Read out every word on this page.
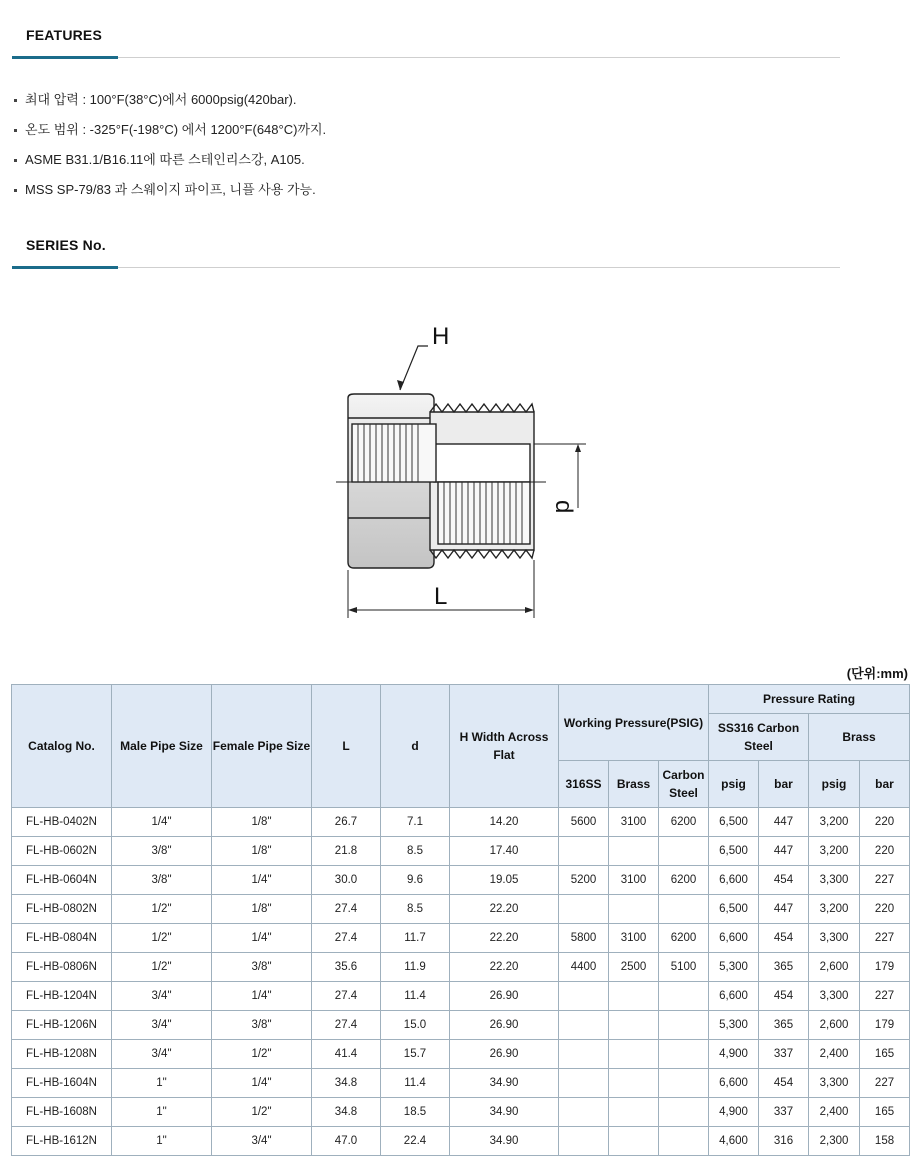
FEATURES
최대 압력 : 100°F(38°C)에서 6000psig(420bar).
온도 범위 : -325°F(-198°C) 에서 1200°F(648°C)까지.
ASME B31.1/B16.11에 따른 스테인리스강, A105.
MSS SP-79/83 과 스웨이지 파이프, 니플 사용 가능.
SERIES No.
H
d
L
(단위:mm)
Catalog No.	Male Pipe Size	Female Pipe Size	L	d	H Width Across Flat	Working Pressure(PSIG)			Pressure Rating			
									SS316 Carbon Steel		Brass	
						316SS	Brass	Carbon Steel	psig	bar	psig	bar
FL-HB-0402N	1/4"	1/8"	26.7	7.1	14.20	5600	3100	6200	6,500	447	3,200	220
FL-HB-0602N	3/8"	1/8"	21.8	8.5	17.40				6,500	447	3,200	220
FL-HB-0604N	3/8"	1/4"	30.0	9.6	19.05	5200	3100	6200	6,600	454	3,300	227
FL-HB-0802N	1/2"	1/8"	27.4	8.5	22.20				6,500	447	3,200	220
FL-HB-0804N	1/2"	1/4"	27.4	11.7	22.20	5800	3100	6200	6,600	454	3,300	227
FL-HB-0806N	1/2"	3/8"	35.6	11.9	22.20	4400	2500	5100	5,300	365	2,600	179
FL-HB-1204N	3/4"	1/4"	27.4	11.4	26.90				6,600	454	3,300	227
FL-HB-1206N	3/4"	3/8"	27.4	15.0	26.90				5,300	365	2,600	179
FL-HB-1208N	3/4"	1/2"	41.4	15.7	26.90				4,900	337	2,400	165
FL-HB-1604N	1"	1/4"	34.8	11.4	34.90				6,600	454	3,300	227
FL-HB-1608N	1"	1/2"	34.8	18.5	34.90				4,900	337	2,400	165
FL-HB-1612N	1"	3/4"	47.0	22.4	34.90				4,600	316	2,300	158
